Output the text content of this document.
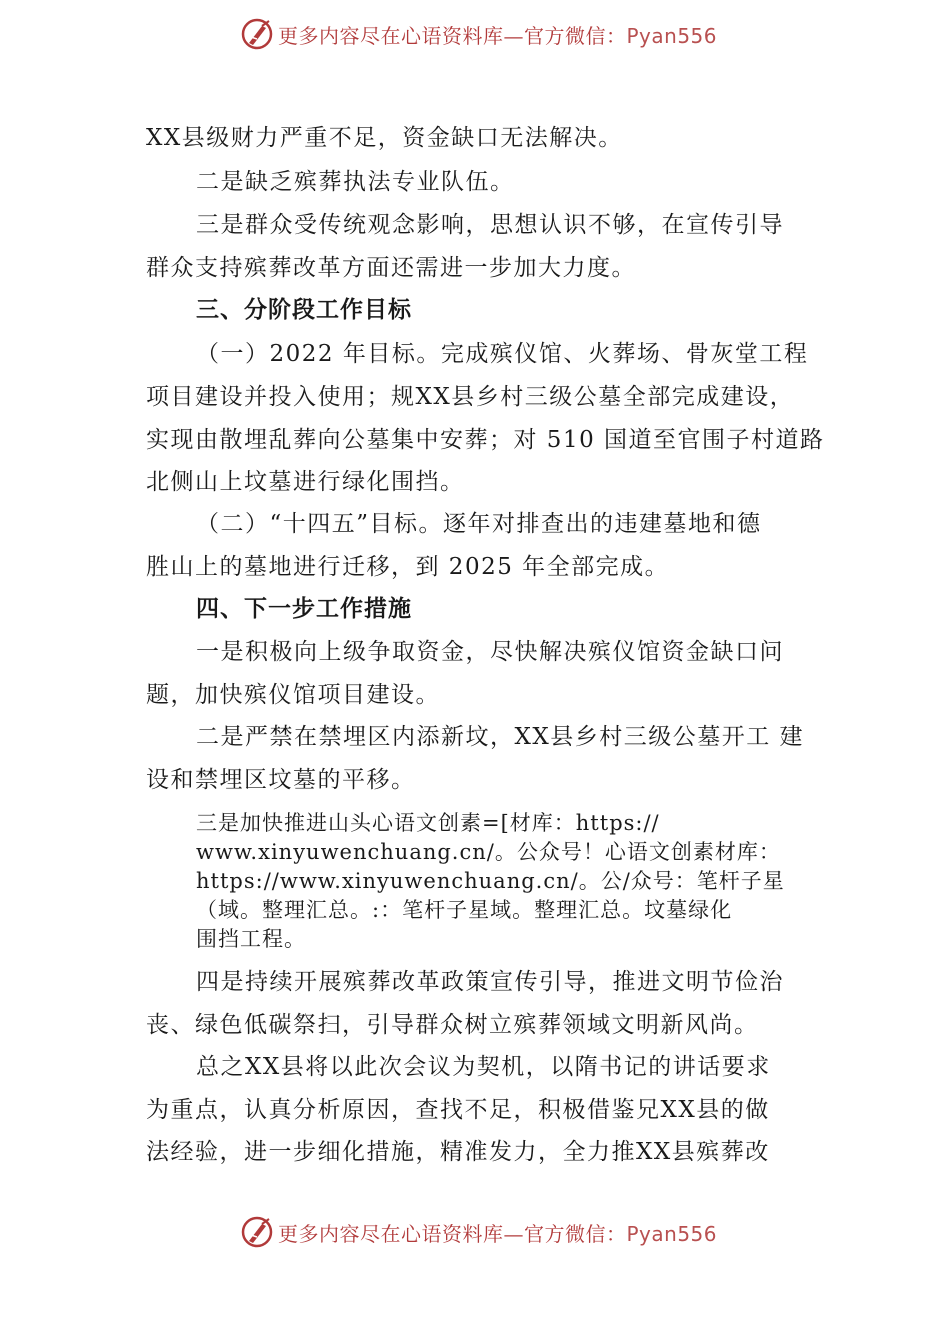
更多内容尽在心语资料库—官方微信：Pyan556
XX县级财力严重不足，资金缺口无法解决。
二是缺乏殡葬执法专业队伍。
三是群众受传统观念影响，思想认识不够，在宣传引导
群众支持殡葬改革方面还需进一步加大力度。
三、分阶段工作目标
（一）2022 年目标。完成殡仪馆、火葬场、骨灰堂工程
项目建设并投入使用；规XX县乡村三级公墓全部完成建设，
实现由散埋乱葬向公墓集中安葬；对 510 国道至官围子村道路
北侧山上坟墓进行绿化围挡。
（二）“十四五”目标。逐年对排查出的违建墓地和德
胜山上的墓地进行迁移，到 2025 年全部完成。
四、下一步工作措施
一是积极向上级争取资金，尽快解决殡仪馆资金缺口问
题，加快殡仪馆项目建设。
二是严禁在禁埋区内添新坟，XX县乡村三级公墓开工 建
设和禁埋区坟墓的平移。
三是加快推进山头心语文创素=[材库：https://
www.xinyuwenchuang.cn/。公众号！心语文创素材库：
https://www.xinyuwenchuang.cn/。公/众号：笔杆子星
（域。整理汇总。:：笔杆子星域。整理汇总。坟墓绿化
围挡工程。
四是持续开展殡葬改革政策宣传引导，推进文明节俭治
丧、绿色低碳祭扫，引导群众树立殡葬领域文明新风尚。
总之XX县将以此次会议为契机，以隋书记的讲话要求
为重点，认真分析原因，查找不足，积极借鉴兄XX县的做
法经验，进一步细化措施，精准发力，全力推XX县殡葬改
更多内容尽在心语资料库—官方微信：Pyan556
